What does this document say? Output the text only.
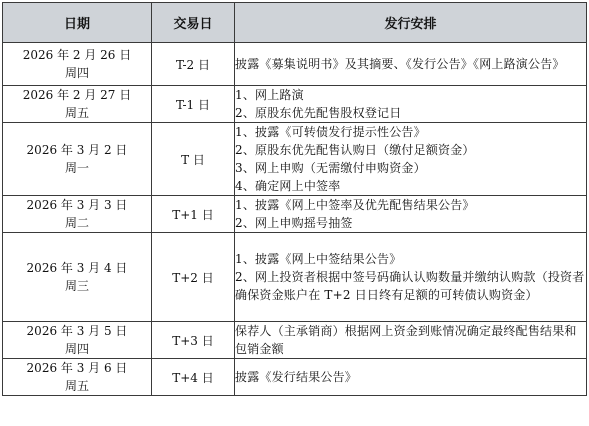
日期	交易日	发行安排

2026 年 2 月 26 日
周四	T-2 日	披露《募集说明书》及其摘要、《发行公告》《网上路演公告》

2026 年 2 月 27 日
周五	T-1 日	1、网上路演
2、原股东优先配售股权登记日

2026 年 3 月 2 日
周一	T 日	1、披露《可转债发行提示性公告》
2、原股东优先配售认购日（缴付足额资金）
3、网上申购（无需缴付申购资金）
4、确定网上中签率

2026 年 3 月 3 日
周二	T+1 日	1、披露《网上中签率及优先配售结果公告》
2、网上申购摇号抽签

2026 年 3 月 4 日
周三	T+2 日	1、披露《网上中签结果公告》
2、网上投资者根据中签号码确认认购数量并缴纳认购款（投资者确保资金账户在 T+2 日日终有足额的可转债认购资金）

2026 年 3 月 5 日
周四	T+3 日	保荐人（主承销商）根据网上资金到账情况确定最终配售结果和包销金额

2026 年 3 月 6 日
周五	T+4 日	披露《发行结果公告》
